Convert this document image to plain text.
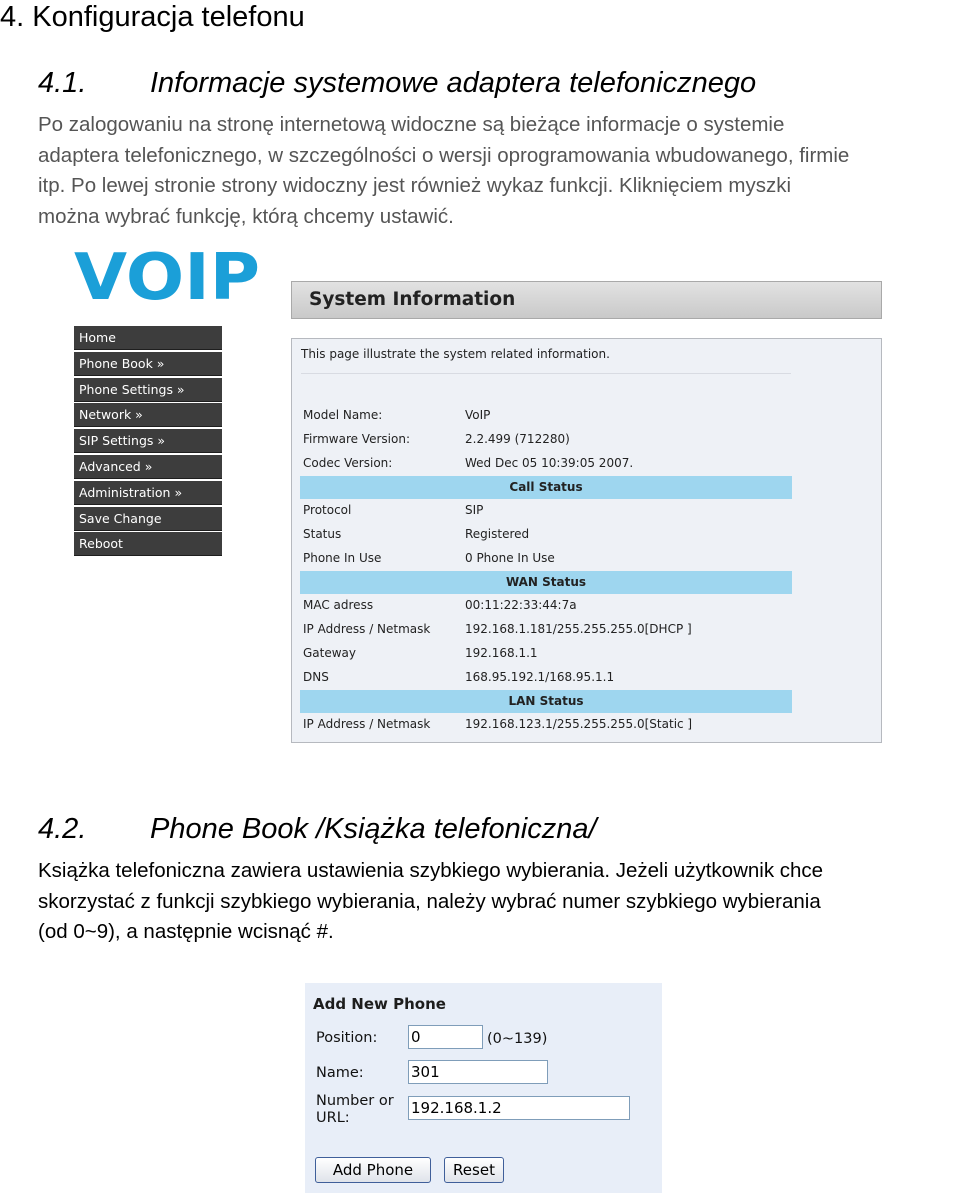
4. Konfiguracja telefonu
4.1. Informacje systemowe adaptera telefonicznego
Po zalogowaniu na stronę internetową widoczne są bieżące informacje o systemie
adaptera telefonicznego, w szczególności o wersji oprogramowania wbudowanego, firmie
itp. Po lewej stronie strony widoczny jest również wykaz funkcji. Kliknięciem myszki
można wybrać funkcję, którą chcemy ustawić.
VOIP
Home
Phone Book »
Phone Settings »
Network »
SIP Settings »
Advanced »
Administration »
Save Change
Reboot
System Information
This page illustrate the system related information.
Model Name:	VoIP
Firmware Version:	2.2.499 (712280)
Codec Version:	Wed Dec 05 10:39:05 2007.
Call Status
Protocol	SIP
Status	Registered
Phone In Use	0 Phone In Use
WAN Status
MAC adress	00:11:22:33:44:7a
IP Address / Netmask	192.168.1.181/255.255.255.0[DHCP ]
Gateway	192.168.1.1
DNS	168.95.192.1/168.95.1.1
LAN Status
IP Address / Netmask	192.168.123.1/255.255.255.0[Static ]
4.2. Phone Book /Książka telefoniczna/
Książka telefoniczna zawiera ustawienia szybkiego wybierania. Jeżeli użytkownik chce
skorzystać z funkcji szybkiego wybierania, należy wybrać numer szybkiego wybierania
(od 0~9), a następnie wcisnąć #.
Add New Phone
Position:
0	(0~139)
Name:
301
Number or
URL:
192.168.1.2
Add Phone	Reset
